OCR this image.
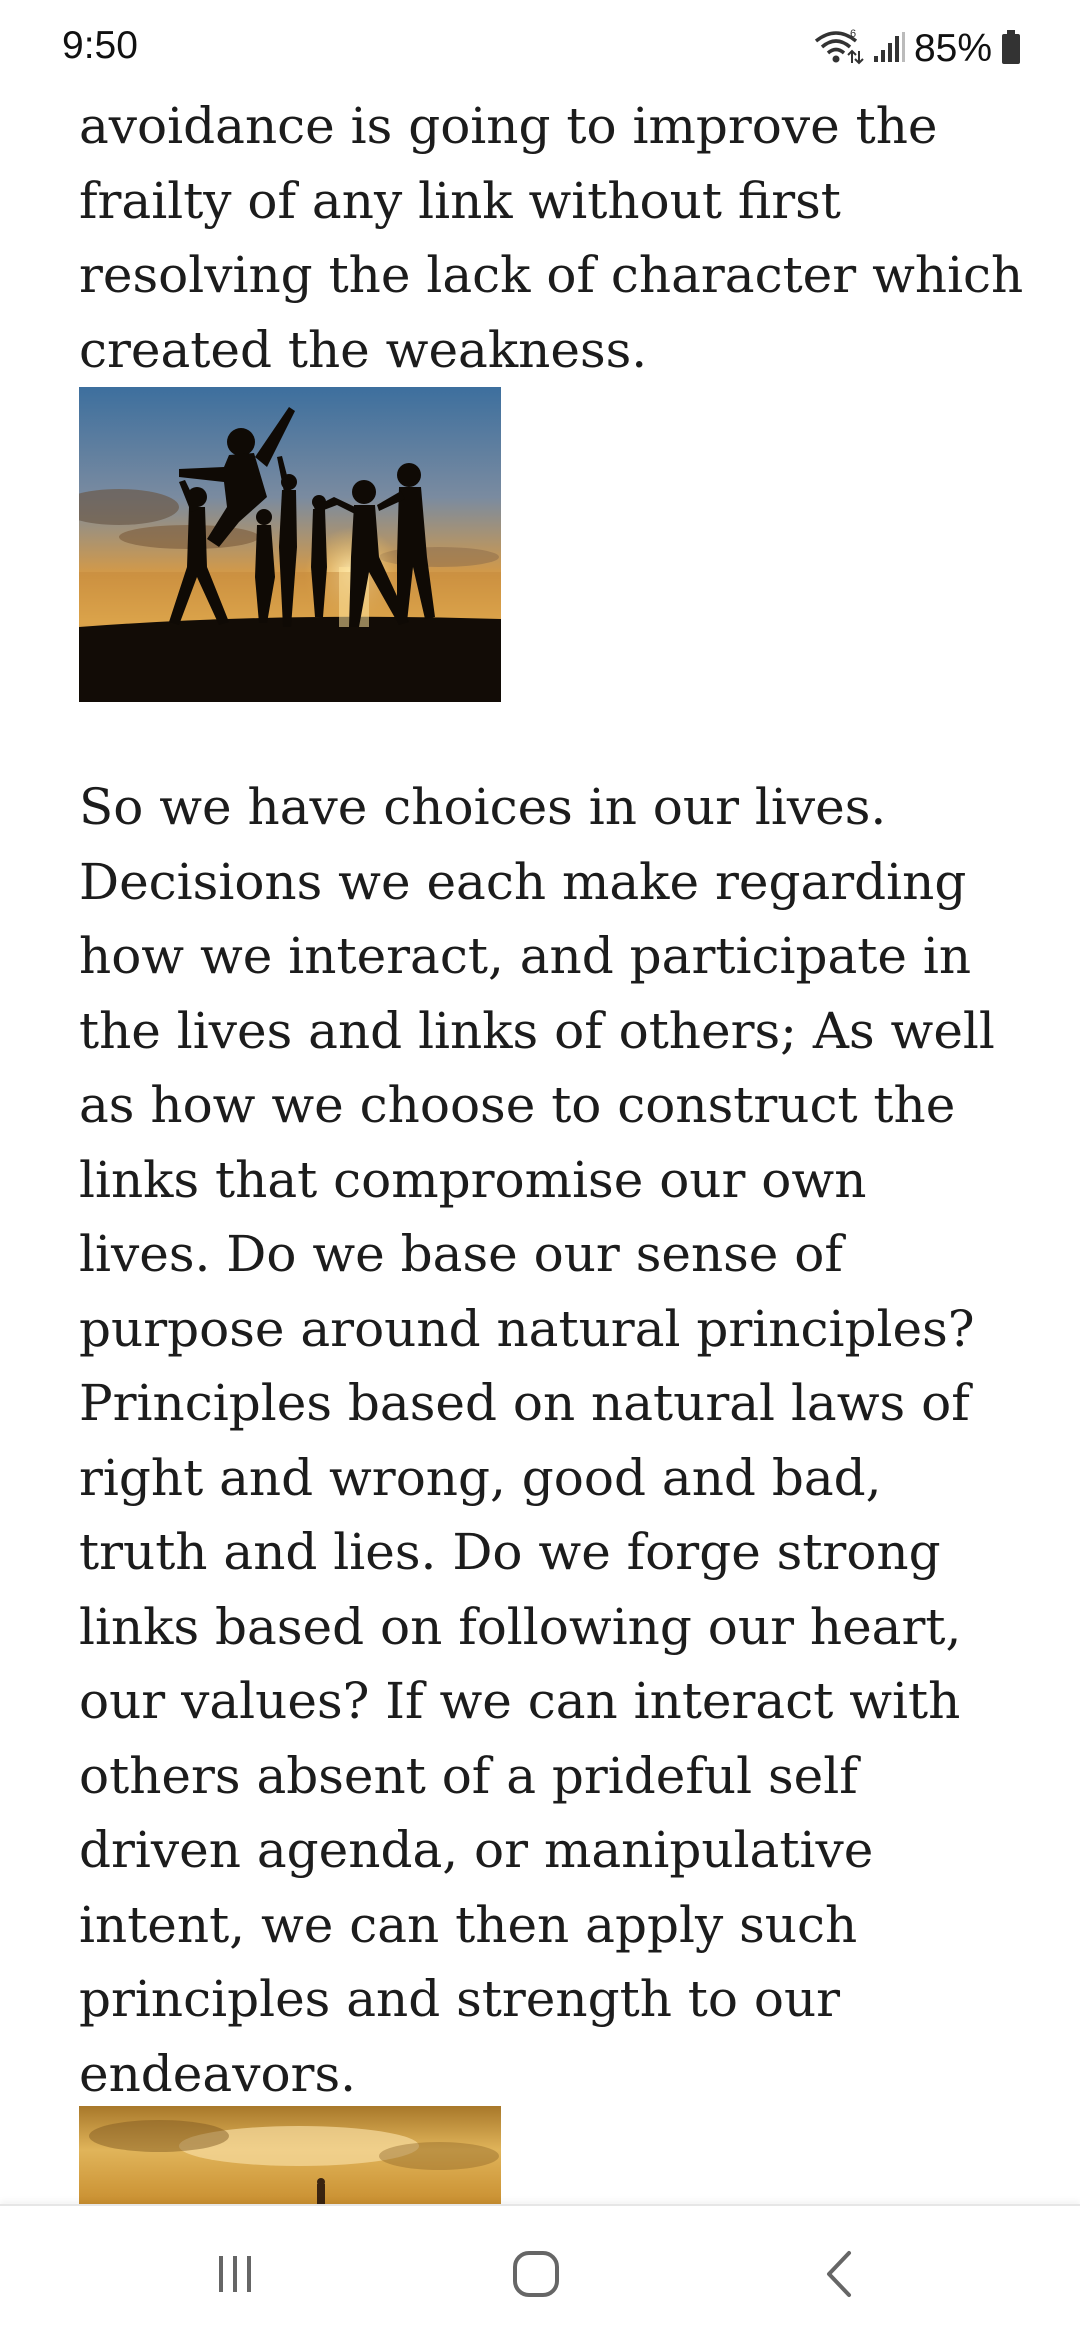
9:50	6 85%

avoidance is going to improve the
frailty of any link without first
resolving the lack of character which
created the weakness.

So we have choices in our lives.
Decisions we each make regarding
how we interact, and participate in
the lives and links of others; As well
as how we choose to construct the
links that compromise our own
lives. Do we base our sense of
purpose around natural principles?
Principles based on natural laws of
right and wrong, good and bad,
truth and lies. Do we forge strong
links based on following our heart,
our values? If we can interact with
others absent of a prideful self
driven agenda, or manipulative
intent, we can then apply such
principles and strength to our
endeavors.
